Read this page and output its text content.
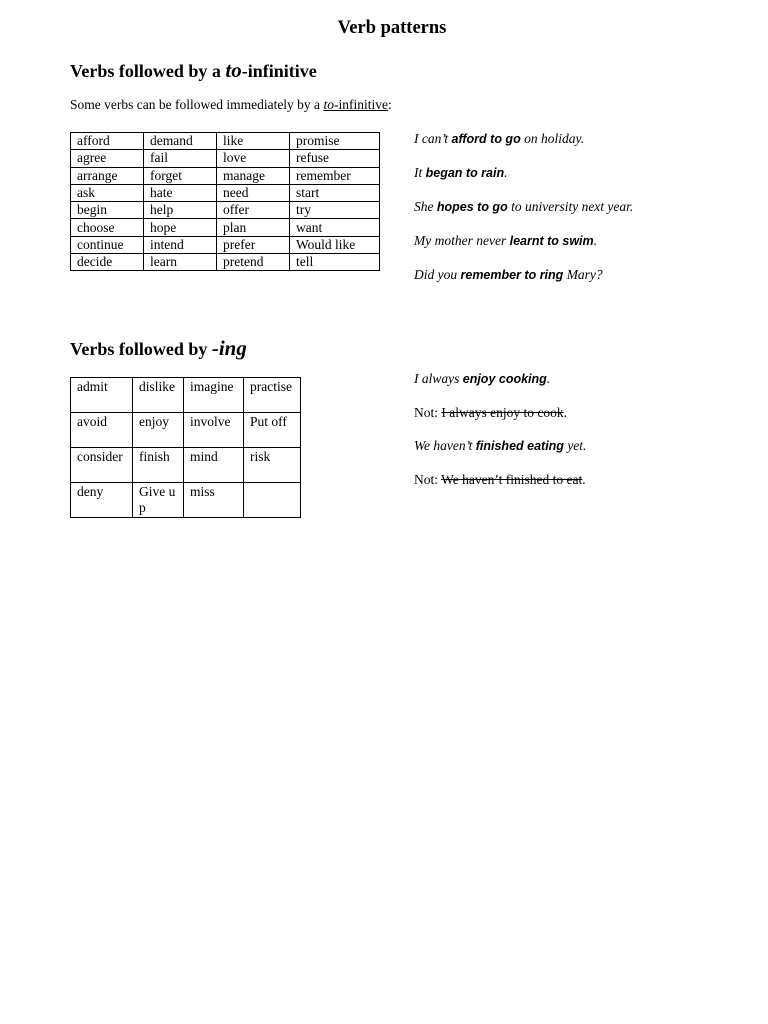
Verb patterns
Verbs followed by a to-infinitive
Some verbs can be followed immediately by a to-infinitive:
afford	demand	like	promise
agree	fail	love	refuse
arrange	forget	manage	remember
ask	hate	need	start
begin	help	offer	try
choose	hope	plan	want
continue	intend	prefer	Would like
decide	learn	pretend	tell
I can’t afford to go on holiday.
It began to rain.
She hopes to go to university next year.
My mother never learnt to swim.
Did you remember to ring Mary?
Verbs followed by -ing
admit	dislike	imagine	practise
avoid	enjoy	involve	Put off
consider	finish	mind	risk
deny	Give up	miss	
I always enjoy cooking.
Not: I always enjoy to cook.
We haven’t finished eating yet.
Not: We haven’t finished to eat.
